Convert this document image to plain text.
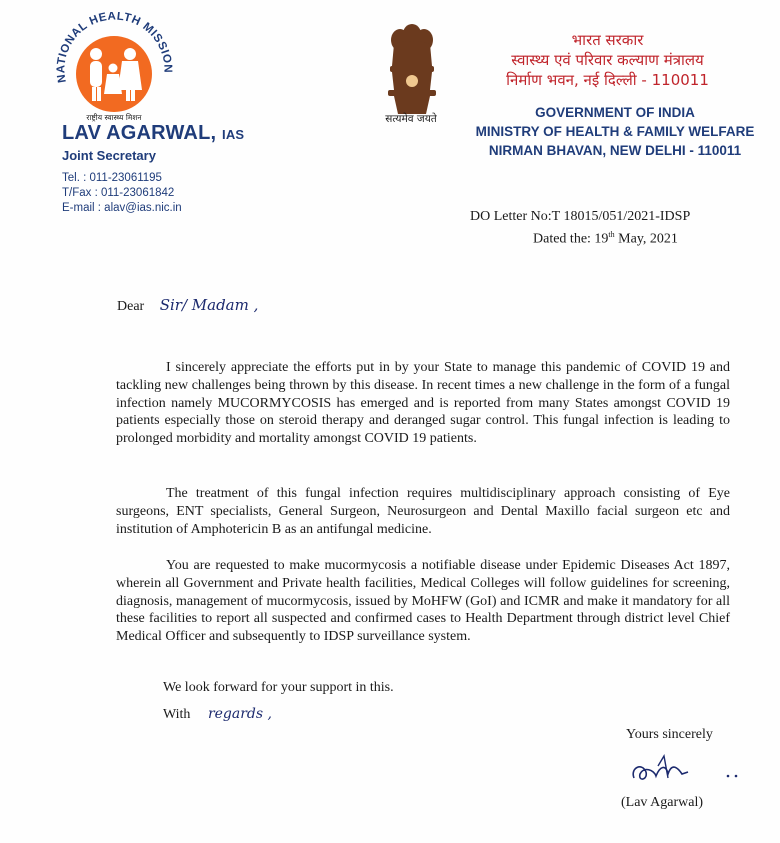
NATIONAL HEALTH MISSION
राष्ट्रीय स्वास्थ्य मिशन	सत्यमेव जयते
LAV AGARWAL, IAS
Joint Secretary
Tel. : 011-23061195
T/Fax : 011-23061842
E-mail : alav@ias.nic.in
भारत सरकार
स्वास्थ्य एवं परिवार कल्याण मंत्रालय
निर्माण भवन, नई दिल्ली - 110011
GOVERNMENT OF INDIA
MINISTRY OF HEALTH & FAMILY WELFARE
NIRMAN BHAVAN, NEW DELHI - 110011
DO Letter No:T 18015/051/2021-IDSP
Dated the: 19th May, 2021
Dear Sir/ Madam ,
I sincerely appreciate the efforts put in by your State to manage this pandemic of COVID 19 and tackling new challenges being thrown by this disease. In recent times a new challenge in the form of a fungal infection namely MUCORMYCOSIS has emerged and is reported from many States amongst COVID 19 patients especially those on steroid therapy and deranged sugar control. This fungal infection is leading to prolonged morbidity and mortality amongst COVID 19 patients.
The treatment of this fungal infection requires multidisciplinary approach consisting of Eye surgeons, ENT specialists, General Surgeon, Neurosurgeon and Dental Maxillo facial surgeon etc and institution of Amphotericin B as an antifungal medicine.
You are requested to make mucormycosis a notifiable disease under Epidemic Diseases Act 1897, wherein all Government and Private health facilities, Medical Colleges will follow guidelines for screening, diagnosis, management of mucormycosis, issued by MoHFW (GoI) and ICMR and make it mandatory for all these facilities to report all suspected and confirmed cases to Health Department through district level Chief Medical Officer and subsequently to IDSP surveillance system.
We look forward for your support in this.
With regards ,
Yours sincerely
(Lav Agarwal)
